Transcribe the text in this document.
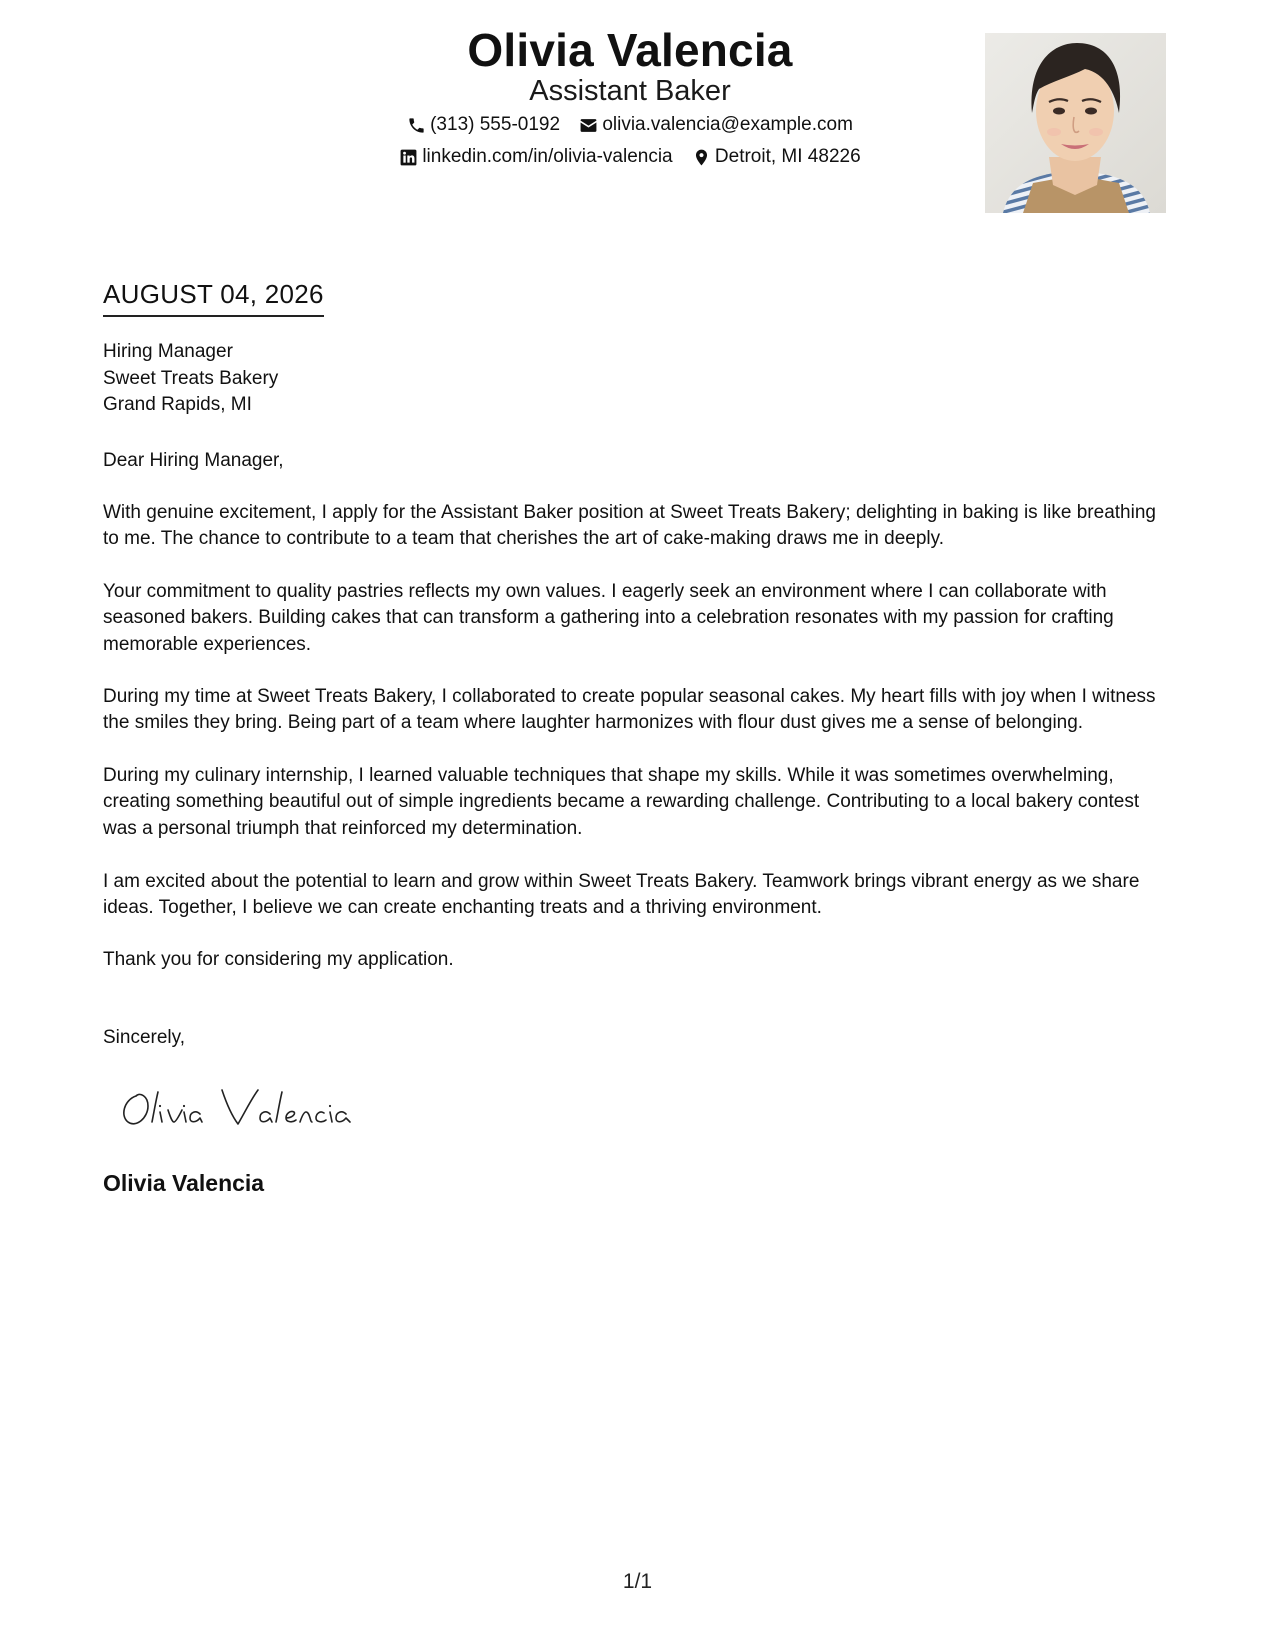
Olivia Valencia
Assistant Baker
(313) 555-0192
olivia.valencia@example.com
linkedin.com/in/olivia-valencia
Detroit, MI 48226
AUGUST 04, 2026
Hiring Manager
Sweet Treats Bakery
Grand Rapids, MI
Dear Hiring Manager,
With genuine excitement, I apply for the Assistant Baker position at Sweet Treats Bakery; delighting in baking is like breathing to me. The chance to contribute to a team that cherishes the art of cake-making draws me in deeply.
Your commitment to quality pastries reflects my own values. I eagerly seek an environment where I can collaborate with seasoned bakers. Building cakes that can transform a gathering into a celebration resonates with my passion for crafting memorable experiences.
During my time at Sweet Treats Bakery, I collaborated to create popular seasonal cakes. My heart fills with joy when I witness the smiles they bring. Being part of a team where laughter harmonizes with flour dust gives me a sense of belonging.
During my culinary internship, I learned valuable techniques that shape my skills. While it was sometimes overwhelming, creating something beautiful out of simple ingredients became a rewarding challenge. Contributing to a local bakery contest was a personal triumph that reinforced my determination.
I am excited about the potential to learn and grow within Sweet Treats Bakery. Teamwork brings vibrant energy as we share ideas. Together, I believe we can create enchanting treats and a thriving environment.
Thank you for considering my application.
Sincerely,
Olivia Valencia
1/1
